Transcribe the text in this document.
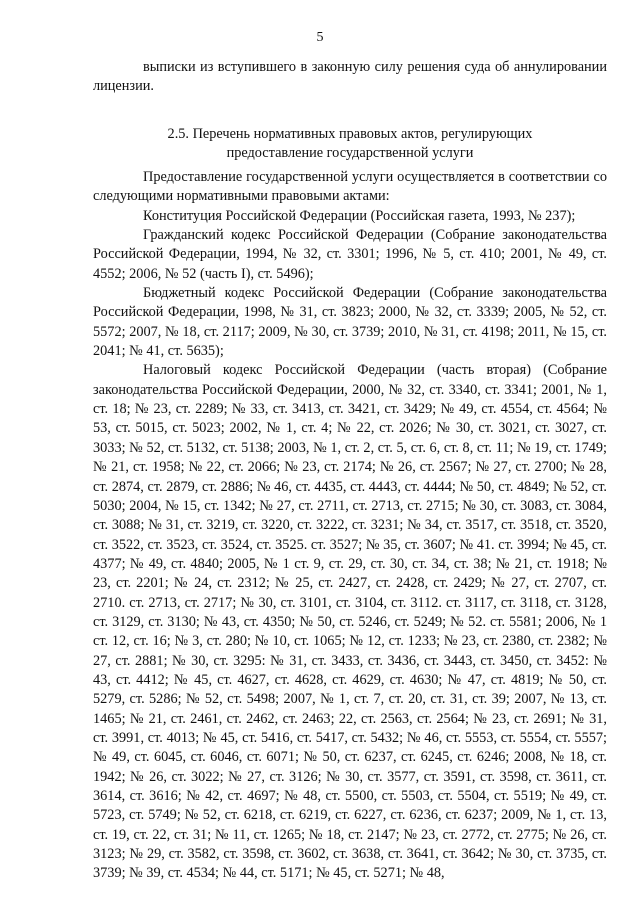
5

выписки из вступившего в законную силу решения суда об аннулировании лицензии.

2.5. Перечень нормативных правовых актов, регулирующих
предоставление государственной услуги

Предоставление государственной услуги осуществляется в соответствии со следующими нормативными правовыми актами:

Конституция Российской Федерации (Российская газета, 1993, № 237);

Гражданский кодекс Российской Федерации (Собрание законодательства Российской Федерации, 1994, № 32, ст. 3301; 1996, № 5, ст. 410; 2001, № 49, ст. 4552; 2006, № 52 (часть I), ст. 5496);

Бюджетный кодекс Российской Федерации (Собрание законодательства Российской Федерации, 1998, № 31, ст. 3823; 2000, № 32, ст. 3339; 2005, № 52, ст. 5572; 2007, № 18, ст. 2117; 2009, № 30, ст. 3739; 2010, № 31, ст. 4198; 2011, № 15, ст. 2041; № 41, ст. 5635);

Налоговый кодекс Российской Федерации (часть вторая) (Собрание законодательства Российской Федерации, 2000, № 32, ст. 3340, ст. 3341; 2001, № 1, ст. 18; № 23, ст. 2289; № 33, ст. 3413, ст. 3421, ст. 3429; № 49, ст. 4554, ст. 4564; № 53, ст. 5015, ст. 5023; 2002, № 1, ст. 4; № 22, ст. 2026; № 30, ст. 3021, ст. 3027, ст. 3033; № 52, ст. 5132, ст. 5138; 2003, № 1, ст. 2, ст. 5, ст. 6, ст. 8, ст. 11; № 19, ст. 1749; № 21, ст. 1958; № 22, ст. 2066; № 23, ст. 2174; № 26, ст. 2567; № 27, ст. 2700; № 28, ст. 2874, ст. 2879, ст. 2886; № 46, ст. 4435, ст. 4443, ст. 4444; № 50, ст. 4849; № 52, ст. 5030; 2004, № 15, ст. 1342; № 27, ст. 2711, ст. 2713, ст. 2715; № 30, ст. 3083, ст. 3084, ст. 3088; № 31, ст. 3219, ст. 3220, ст. 3222, ст. 3231; № 34, ст. 3517, ст. 3518, ст. 3520, ст. 3522, ст. 3523, ст. 3524, ст. 3525. ст. 3527; № 35, ст. 3607; № 41. ст. 3994; № 45, ст. 4377; № 49, ст. 4840; 2005, № 1 ст. 9, ст. 29, ст. 30, ст. 34, ст. 38; № 21, ст. 1918; № 23, ст. 2201; № 24, ст. 2312; № 25, ст. 2427, ст. 2428, ст. 2429; № 27, ст. 2707, ст. 2710. ст. 2713, ст. 2717; № 30, ст. 3101, ст. 3104, ст. 3112. ст. 3117, ст. 3118, ст. 3128, ст. 3129, ст. 3130; № 43, ст. 4350; № 50, ст. 5246, ст. 5249; № 52. ст. 5581; 2006, № 1 ст. 12, ст. 16; № 3, ст. 280; № 10, ст. 1065; № 12, ст. 1233; № 23, ст. 2380, ст. 2382; № 27, ст. 2881; № 30, ст. 3295: № 31, ст. 3433, ст. 3436, ст. 3443, ст. 3450, ст. 3452: № 43, ст. 4412; № 45, ст. 4627, ст. 4628, ст. 4629, ст. 4630; № 47, ст. 4819; № 50, ст. 5279, ст. 5286; № 52, ст. 5498; 2007, № 1, ст. 7, ст. 20, ст. 31, ст. 39; 2007, № 13, ст. 1465; № 21, ст. 2461, ст. 2462, ст. 2463; 22, ст. 2563, ст. 2564; № 23, ст. 2691; № 31, ст. 3991, ст. 4013; № 45, ст. 5416, ст. 5417, ст. 5432; № 46, ст. 5553, ст. 5554, ст. 5557; № 49, ст. 6045, ст. 6046, ст. 6071; № 50, ст. 6237, ст. 6245, ст. 6246; 2008, № 18, ст. 1942; № 26, ст. 3022; № 27, ст. 3126; № 30, ст. 3577, ст. 3591, ст. 3598, ст. 3611, ст. 3614, ст. 3616; № 42, ст. 4697; № 48, ст. 5500, ст. 5503, ст. 5504, ст. 5519; № 49, ст. 5723, ст. 5749; № 52, ст. 6218, ст. 6219, ст. 6227, ст. 6236, ст. 6237; 2009, № 1, ст. 13, ст. 19, ст. 22, ст. 31; № 11, ст. 1265; № 18, ст. 2147; № 23, ст. 2772, ст. 2775; № 26, ст. 3123; № 29, ст. 3582, ст. 3598, ст. 3602, ст. 3638, ст. 3641, ст. 3642; № 30, ст. 3735, ст. 3739; № 39, ст. 4534; № 44, ст. 5171; № 45, ст. 5271; № 48,
